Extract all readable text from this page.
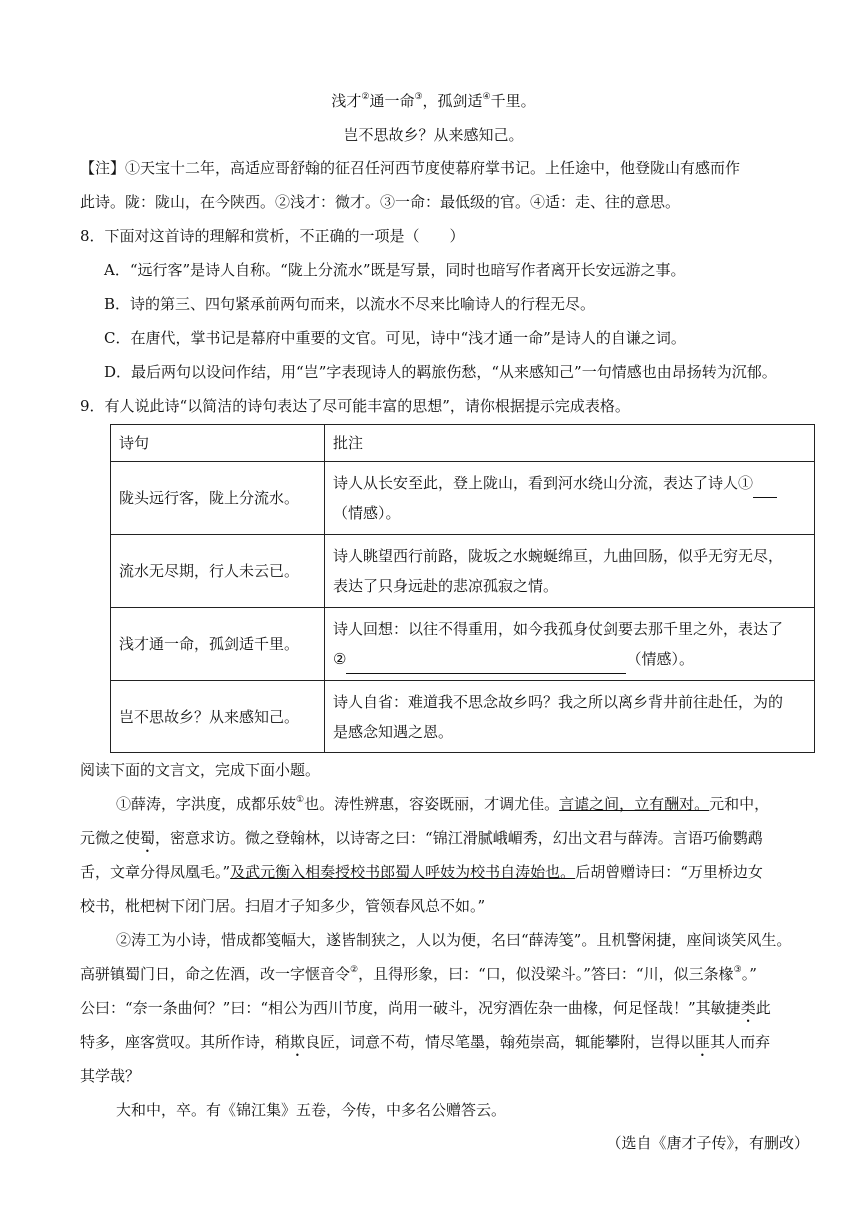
浅才②通一命③，孤剑适④千里。
岂不思故乡？从来感知己。
【注】①天宝十二年，高适应哥舒翰的征召任河西节度使幕府掌书记。上任途中，他登陇山有感而作
此诗。陇：陇山，在今陕西。②浅才：微才。③一命：最低级的官。④适：走、往的意思。
8．下面对这首诗的理解和赏析，不正确的一项是（　　）
A．“远行客”是诗人自称。“陇上分流水”既是写景，同时也暗写作者离开长安远游之事。
B．诗的第三、四句紧承前两句而来，以流水不尽来比喻诗人的行程无尽。
C．在唐代，掌书记是幕府中重要的文官。可见，诗中“浅才通一命”是诗人的自谦之词。
D．最后两句以设问作结，用“岂”字表现诗人的羁旅伤愁，“从来感知己”一句情感也由昂扬转为沉郁。
9．有人说此诗“以简洁的诗句表达了尽可能丰富的思想”，请你根据提示完成表格。
诗句	批注
陇头远行客，陇上分流水。	诗人从长安至此，登上陇山，看到河水绕山分流，表达了诗人①
（情感）。
流水无尽期，行人未云已。	诗人眺望西行前路，陇坂之水蜿蜒绵亘，九曲回肠，似乎无穷无尽，
表达了只身远赴的悲凉孤寂之情。
浅才通一命，孤剑适千里。	诗人回想：以往不得重用，如今我孤身仗剑要去那千里之外，表达了
② （情感）。
岂不思故乡？从来感知己。	诗人自省：难道我不思念故乡吗？我之所以离乡背井前往赴任，为的
是感念知遇之恩。
阅读下面的文言文，完成下面小题。
①薛涛，字洪度，成都乐妓①也。涛性辨惠，容姿既丽，才调尤佳。言谑之间，立有酬对。元和中，
元微之使蜀，密意求访。微之登翰林，以诗寄之曰：“锦江滑腻峨嵋秀，幻出文君与薛涛。言语巧偷鹦鹉
舌，文章分得凤凰毛。”及武元衡入相奏授校书郎蜀人呼妓为校书自涛始也。后胡曾赠诗曰：“万里桥边女
校书，枇杷树下闭门居。扫眉才子知多少，管领春风总不如。”
②涛工为小诗，惜成都笺幅大，遂皆制狭之，人以为便，名曰“薛涛笺”。且机警闲捷，座间谈笑风生。
高骈镇蜀门日，命之佐酒，改一字惬音令②，且得形象，曰：“口，似没梁斗。”答曰：“川，似三条椽③。”
公曰：“奈一条曲何？”曰：“相公为西川节度，尚用一破斗，况穷酒佐杂一曲椽，何足怪哉！”其敏捷类此
特多，座客赏叹。其所作诗，稍欺良匠，词意不苟，情尽笔墨，翰苑崇高，辄能攀附，岂得以匪其人而弃
其学哉？
大和中，卒。有《锦江集》五卷，今传，中多名公赠答云。
（选自《唐才子传》，有删改）
